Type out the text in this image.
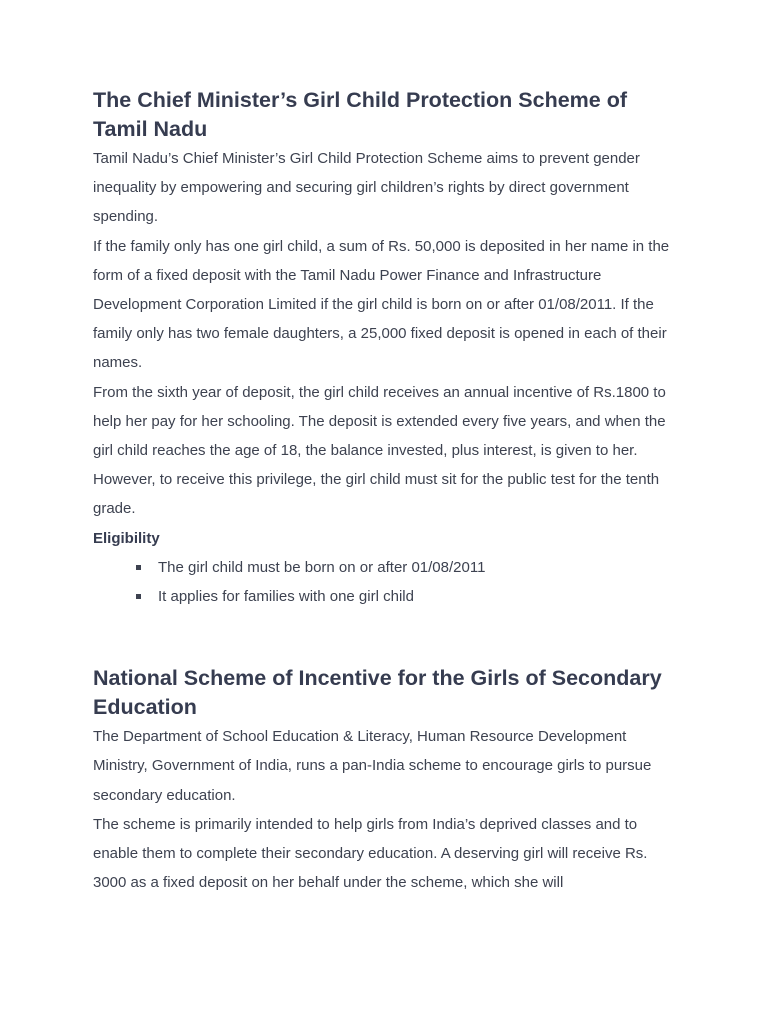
The Chief Minister’s Girl Child Protection Scheme of Tamil Nadu

Tamil Nadu’s Chief Minister’s Girl Child Protection Scheme aims to prevent gender inequality by empowering and securing girl children’s rights by direct government spending.

If the family only has one girl child, a sum of Rs. 50,000 is deposited in her name in the form of a fixed deposit with the Tamil Nadu Power Finance and Infrastructure Development Corporation Limited if the girl child is born on or after 01/08/2011. If the family only has two female daughters, a 25,000 fixed deposit is opened in each of their names.

From the sixth year of deposit, the girl child receives an annual incentive of Rs.1800 to help her pay for her schooling. The deposit is extended every five years, and when the girl child reaches the age of 18, the balance invested, plus interest, is given to her. However, to receive this privilege, the girl child must sit for the public test for the tenth grade.

Eligibility

The girl child must be born on or after 01/08/2011
It applies for families with one girl child
National Scheme of Incentive for the Girls of Secondary Education

The Department of School Education & Literacy, Human Resource Development Ministry, Government of India, runs a pan-India scheme to encourage girls to pursue secondary education.

The scheme is primarily intended to help girls from India’s deprived classes and to enable them to complete their secondary education. A deserving girl will receive Rs. 3000 as a fixed deposit on her behalf under the scheme, which she will
